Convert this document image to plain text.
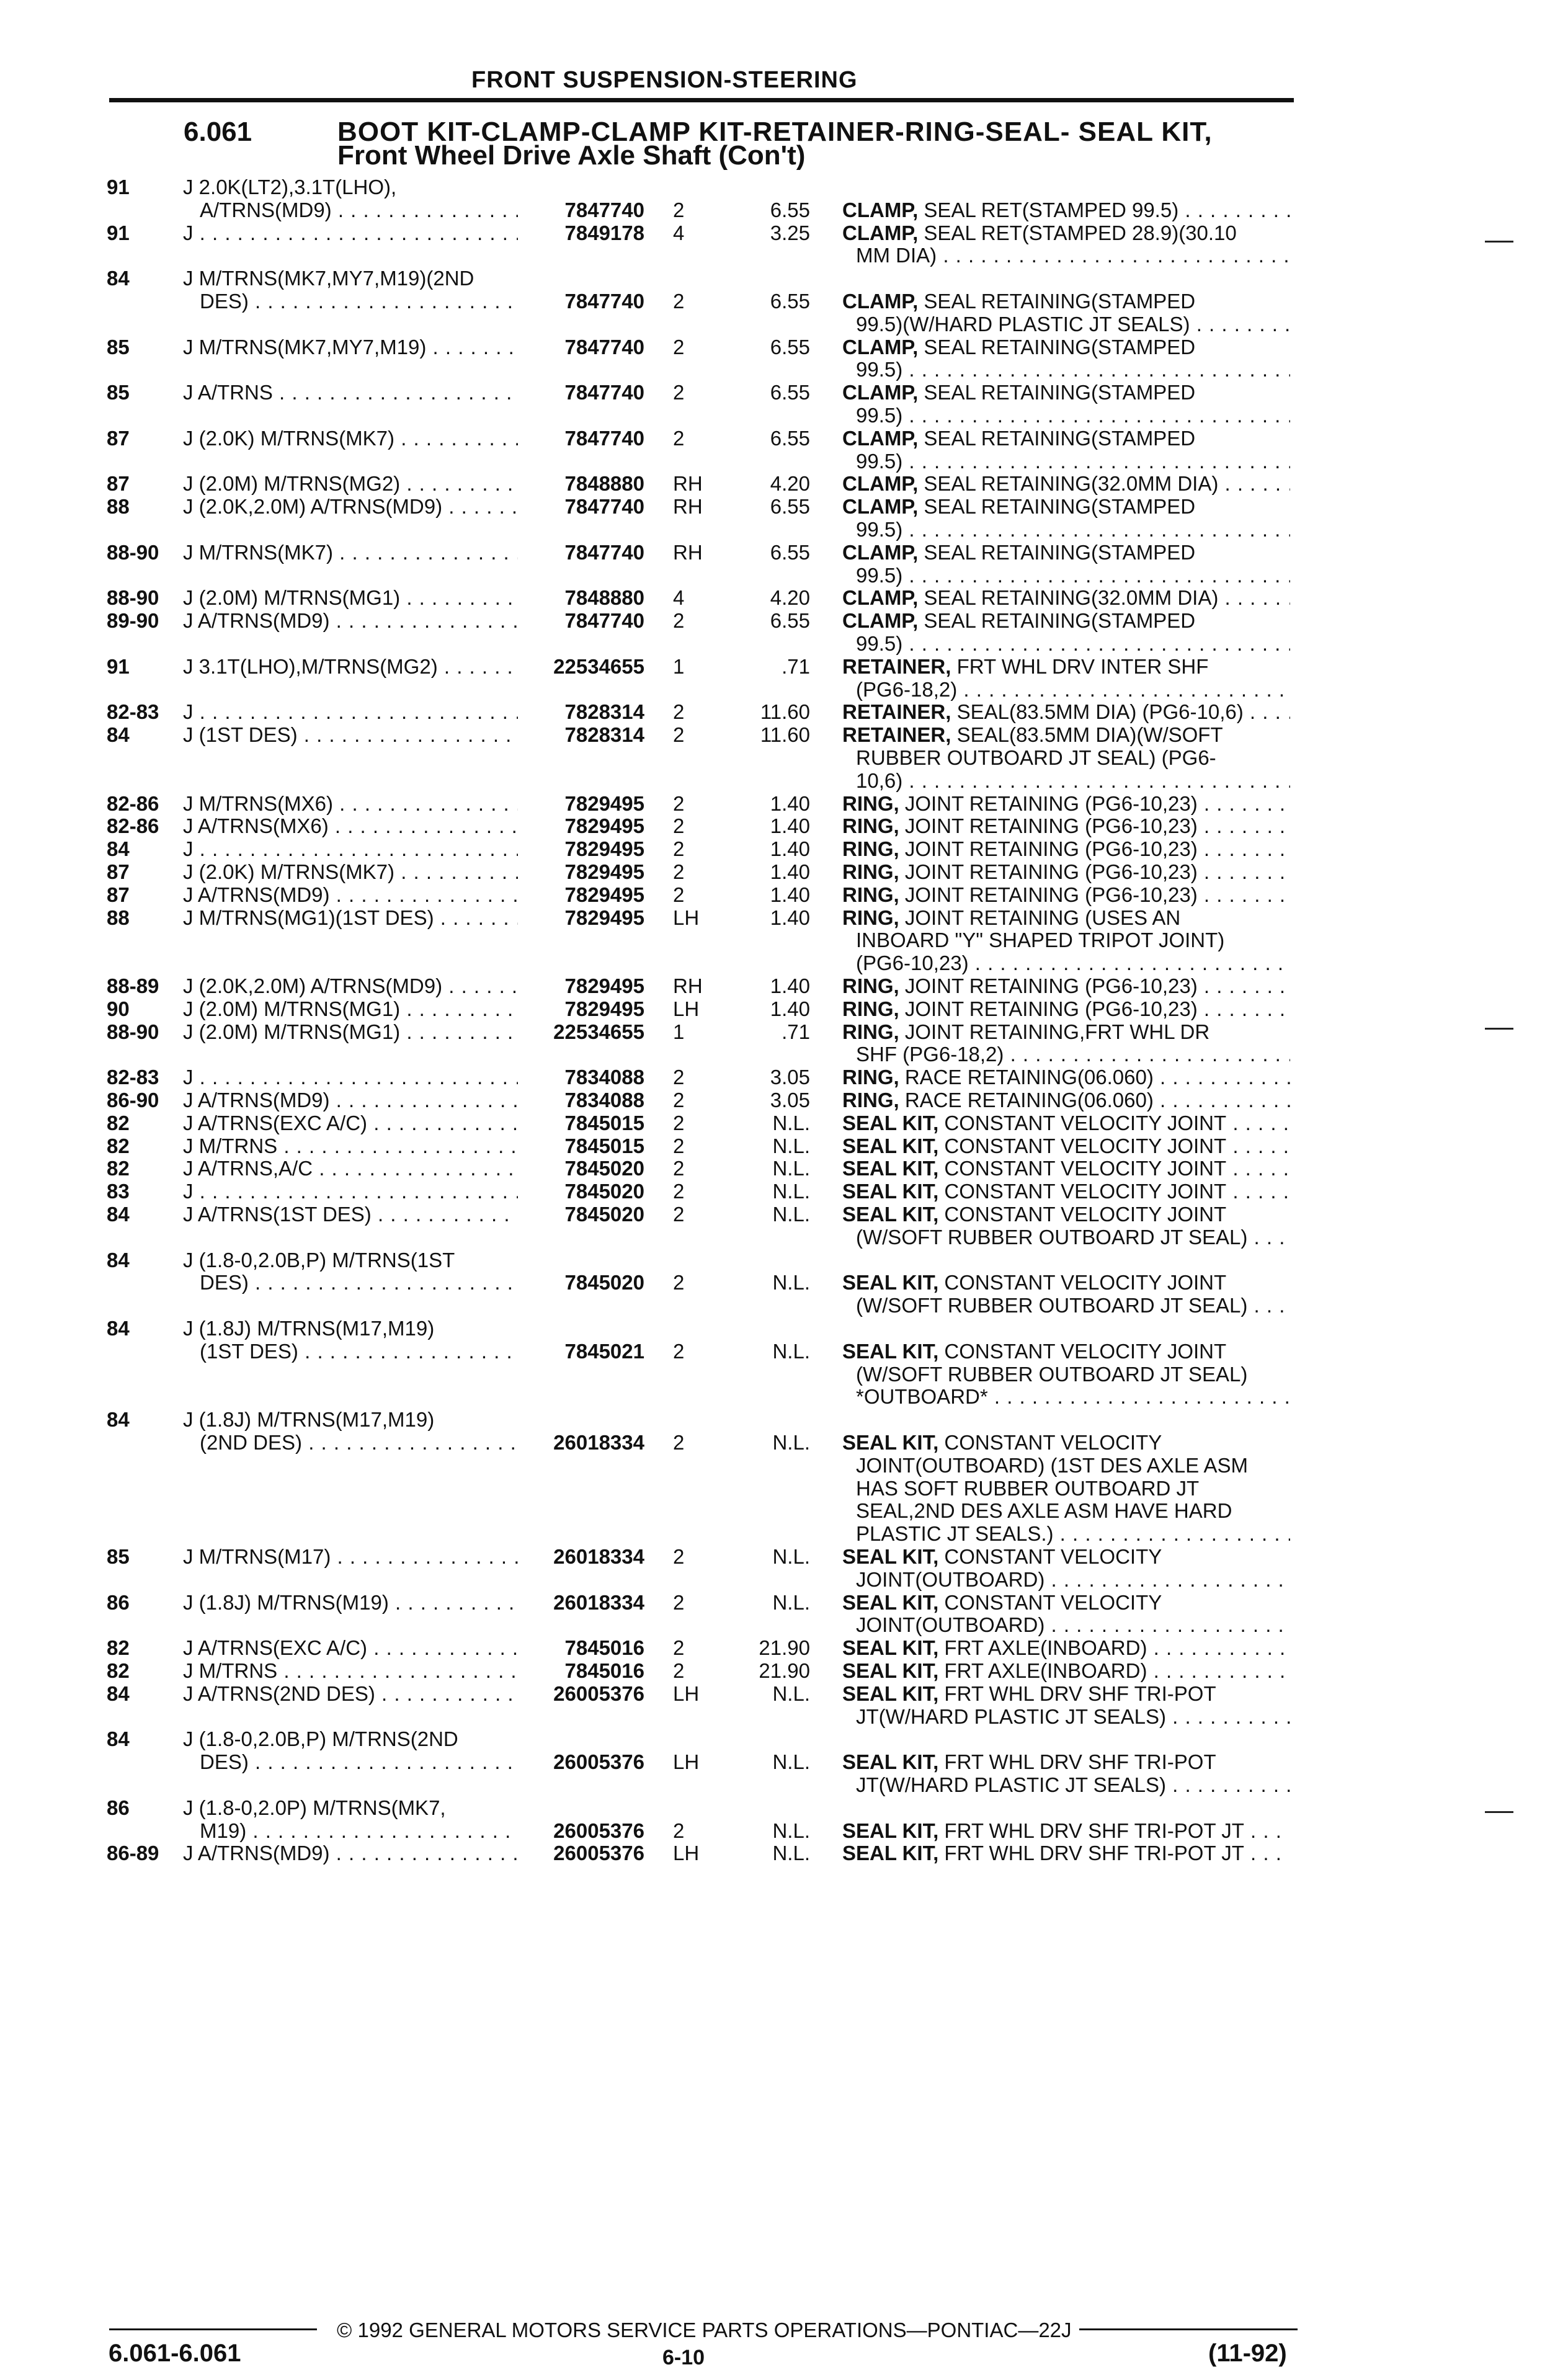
FRONT SUSPENSION-STEERING
6.061	BOOT KIT-CLAMP-CLAMP KIT-RETAINER-RING-SEAL- SEAL KIT,
Front Wheel Drive Axle Shaft (Con't)
91	J 2.0K(LT2),3.1T(LHO),
A/TRNS(MD9) . . .	7847740 2	6.55 CLAMP, SEAL RET(STAMPED 99.5) . . .
91	J . . .	7849178 4	3.25 CLAMP, SEAL RET(STAMPED 28.9)(30.10
MM DIA) . . .
84	J M/TRNS(MK7,MY7,M19)(2ND
DES) . . .	7847740 2	6.55 CLAMP, SEAL RETAINING(STAMPED
99.5)(W/HARD PLASTIC JT SEALS) . . .
85	J M/TRNS(MK7,MY7,M19) . . .	7847740 2	6.55 CLAMP, SEAL RETAINING(STAMPED
99.5) . . .
85	J A/TRNS . . .	7847740 2	6.55 CLAMP, SEAL RETAINING(STAMPED
99.5) . . .
87	J (2.0K) M/TRNS(MK7) . . .	7847740 2	6.55 CLAMP, SEAL RETAINING(STAMPED
99.5) . . .
87	J (2.0M) M/TRNS(MG2) . . .	7848880 RH	4.20 CLAMP, SEAL RETAINING(32.0MM DIA) . . .
88	J (2.0K,2.0M) A/TRNS(MD9) . . .	7847740 RH	6.55 CLAMP, SEAL RETAINING(STAMPED
99.5) . . .
88-90 J M/TRNS(MK7) . . .	7847740 RH	6.55 CLAMP, SEAL RETAINING(STAMPED
99.5) . . .
88-90 J (2.0M) M/TRNS(MG1) . . .	7848880 4	4.20 CLAMP, SEAL RETAINING(32.0MM DIA) . . .
89-90 J A/TRNS(MD9) . . .	7847740 2	6.55 CLAMP, SEAL RETAINING(STAMPED
99.5) . . .
91	J 3.1T(LHO),M/TRNS(MG2) . . .	22534655 1	.71 RETAINER, FRT WHL DRV INTER SHF
(PG6-18,2) . . .
82-83 J . . .	7828314 2	11.60 RETAINER, SEAL(83.5MM DIA) (PG6-10,6) . . .
84	J (1ST DES) . . .	7828314 2	11.60 RETAINER, SEAL(83.5MM DIA)(W/SOFT
RUBBER OUTBOARD JT SEAL) (PG6-
10,6) . . .
82-86 J M/TRNS(MX6) . . .	7829495 2	1.40 RING, JOINT RETAINING (PG6-10,23) . . .
82-86 J A/TRNS(MX6) . . .	7829495 2	1.40 RING, JOINT RETAINING (PG6-10,23) . . .
84	J . . .	7829495 2	1.40 RING, JOINT RETAINING (PG6-10,23) . . .
87	J (2.0K) M/TRNS(MK7) . . .	7829495 2	1.40 RING, JOINT RETAINING (PG6-10,23) . . .
87	J A/TRNS(MD9) . . .	7829495 2	1.40 RING, JOINT RETAINING (PG6-10,23) . . .
88	J M/TRNS(MG1)(1ST DES) . . .	7829495 LH	1.40 RING, JOINT RETAINING (USES AN
INBOARD "Y" SHAPED TRIPOT JOINT)
(PG6-10,23) . . .
88-89 J (2.0K,2.0M) A/TRNS(MD9) . . .	7829495 RH	1.40 RING, JOINT RETAINING (PG6-10,23) . . .
90	J (2.0M) M/TRNS(MG1) . . .	7829495 LH	1.40 RING, JOINT RETAINING (PG6-10,23) . . .
88-90 J (2.0M) M/TRNS(MG1) . . .	22534655 1	.71 RING, JOINT RETAINING,FRT WHL DR
SHF (PG6-18,2) . . .
82-83 J . . .	7834088 2	3.05 RING, RACE RETAINING(06.060) . . .
86-90 J A/TRNS(MD9) . . .	7834088 2	3.05 RING, RACE RETAINING(06.060) . . .
82	J A/TRNS(EXC A/C) . . .	7845015 2	N.L. SEAL KIT, CONSTANT VELOCITY JOINT . . .
82	J M/TRNS . . .	7845015 2	N.L. SEAL KIT, CONSTANT VELOCITY JOINT . . .
82	J A/TRNS,A/C . . .	7845020 2	N.L. SEAL KIT, CONSTANT VELOCITY JOINT . . .
83	J . . .	7845020 2	N.L. SEAL KIT, CONSTANT VELOCITY JOINT . . .
84	J A/TRNS(1ST DES) . . .	7845020 2	N.L. SEAL KIT, CONSTANT VELOCITY JOINT
(W/SOFT RUBBER OUTBOARD JT SEAL) . . .
84	J (1.8-0,2.0B,P) M/TRNS(1ST
DES) . . .	7845020 2	N.L. SEAL KIT, CONSTANT VELOCITY JOINT
(W/SOFT RUBBER OUTBOARD JT SEAL) . . .
84	J (1.8J) M/TRNS(M17,M19)
(1ST DES) . . .	7845021 2	N.L. SEAL KIT, CONSTANT VELOCITY JOINT
(W/SOFT RUBBER OUTBOARD JT SEAL)
*OUTBOARD* . . .
84	J (1.8J) M/TRNS(M17,M19)
(2ND DES) . . .	26018334 2	N.L. SEAL KIT, CONSTANT VELOCITY
JOINT(OUTBOARD) (1ST DES AXLE ASM
HAS SOFT RUBBER OUTBOARD JT
SEAL,2ND DES AXLE ASM HAVE HARD
PLASTIC JT SEALS.) . . .
85	J M/TRNS(M17) . . .	26018334 2	N.L. SEAL KIT, CONSTANT VELOCITY
JOINT(OUTBOARD) . . .
86	J (1.8J) M/TRNS(M19) . . .	26018334 2	N.L. SEAL KIT, CONSTANT VELOCITY
JOINT(OUTBOARD) . . .
82	J A/TRNS(EXC A/C) . . .	7845016 2	21.90 SEAL KIT, FRT AXLE(INBOARD) . . .
82	J M/TRNS . . .	7845016 2	21.90 SEAL KIT, FRT AXLE(INBOARD) . . .
84	J A/TRNS(2ND DES) . . .	26005376 LH	N.L. SEAL KIT, FRT WHL DRV SHF TRI-POT
JT(W/HARD PLASTIC JT SEALS) . . .
84	J (1.8-0,2.0B,P) M/TRNS(2ND
DES) . . .	26005376 LH	N.L. SEAL KIT, FRT WHL DRV SHF TRI-POT
JT(W/HARD PLASTIC JT SEALS) . . .
86	J (1.8-0,2.0P) M/TRNS(MK7,
M19) . . .	26005376 2	N.L. SEAL KIT, FRT WHL DRV SHF TRI-POT JT . . .
86-89 J A/TRNS(MD9) . . .	26005376 LH	N.L. SEAL KIT, FRT WHL DRV SHF TRI-POT JT . . .
© 1992 GENERAL MOTORS SERVICE PARTS OPERATIONS—PONTIAC—22J
6.061-6.061	6-10	(11-92)
